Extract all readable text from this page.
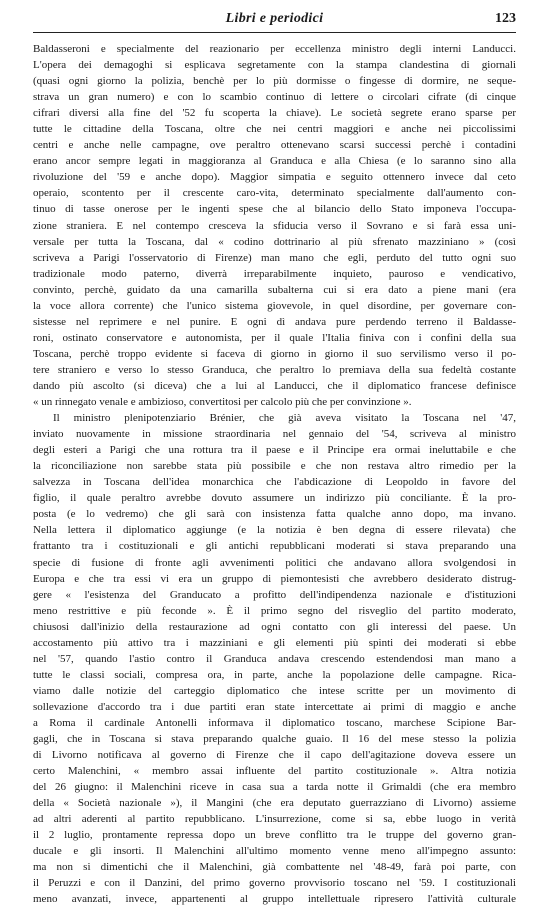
Libri e periodici	123
Baldasseroni e specialmente del reazionario per eccellenza ministro degli interni Landucci.
L'opera dei demagoghi si esplicava segretamente con la stampa clandestina di giornali
(quasi ogni giorno la polizia, benchè per lo più dormisse o fingesse di dormire, ne seque-
strava un gran numero) e con lo scambio continuo di lettere o circolari cifrate (di cinque
cifrari diversi alla fine del '52 fu scoperta la chiave). Le società segrete erano sparse per
tutte le cittadine della Toscana, oltre che nei centri maggiori e anche nei piccolissimi
centri e anche nelle campagne, ove peraltro ottenevano scarsi successi perchè i contadini
erano ancor sempre legati in maggioranza al Granduca e alla Chiesa (e lo saranno sino alla
rivoluzione del '59 e anche dopo). Maggior simpatia e seguito ottennero invece dal ceto
operaio, scontento per il crescente caro-vita, determinato specialmente dall'aumento con-
tinuo di tasse onerose per le ingenti spese che al bilancio dello Stato imponeva l'occupa-
zione straniera. E nel contempo cresceva la sfiducia verso il Sovrano e si farà essa uni-
versale per tutta la Toscana, dal « codino dottrinario al più sfrenato mazziniano » (così
scriveva a Parigi l'osservatorio di Firenze) man mano che egli, perduto del tutto ogni suo
tradizionale modo paterno, diverrà irreparabilmente inquieto, pauroso e vendicativo,
convinto, perchè, guidato da una camarilla subalterna cui si era dato a piene mani (era
la voce allora corrente) che l'unico sistema giovevole, in quel disordine, per governare con-
sistesse nel reprimere e nel punire. E ogni dì andava pure perdendo terreno il Baldasse-
roni, ostinato conservatore e autonomista, per il quale l'Italia finiva con i confini della sua
Toscana, perchè troppo evidente si faceva di giorno in giorno il suo servilismo verso il po-
tere straniero e verso lo stesso Granduca, che peraltro lo premiava della sua fedeltà costante
dando più ascolto (si diceva) che a lui al Landucci, che il diplomatico francese definisce
« un rinnegato venale e ambizioso, convertitosi per calcolo più che per convinzione ».
Il ministro plenipotenziario Brénier, che già aveva visitato la Toscana nel '47,
inviato nuovamente in missione straordinaria nel gennaio del '54, scriveva al ministro
degli esteri a Parigi che una rottura tra il paese e il Principe era ormai ineluttabile e che
la riconciliazione non sarebbe stata più possibile e che non restava altro rimedio per la
salvezza in Toscana dell'idea monarchica che l'abdicazione di Leopoldo in favore del
figlio, il quale peraltro avrebbe dovuto assumere un indirizzo più conciliante. È la pro-
posta (e lo vedremo) che gli sarà con insistenza fatta qualche anno dopo, ma invano.
Nella lettera il diplomatico aggiunge (e la notizia è ben degna di essere rilevata) che
frattanto tra i costituzionali e gli antichi repubblicani moderati si stava preparando una
specie di fusione di fronte agli avvenimenti politici che andavano allora svolgendosi in
Europa e che tra essi vi era un gruppo di piemontesisti che avrebbero desiderato distrug-
gere « l'esistenza del Granducato a profitto dell'indipendenza nazionale e d'istituzioni
meno restrittive e più feconde ». È il primo segno del risveglio del partito moderato,
chiusosi dall'inizio della restaurazione ad ogni contatto con gli interessi del paese. Un
accostamento più attivo tra i mazziniani e gli elementi più spinti dei moderati si ebbe
nel '57, quando l'astio contro il Granduca andava crescendo estendendosi man mano a
tutte le classi sociali, compresa ora, in parte, anche la popolazione delle campagne. Rica-
viamo dalle notizie del carteggio diplomatico che intese scritte per un movimento di
sollevazione d'accordo tra i due partiti eran state intercettate ai primi di maggio e anche
a Roma il cardinale Antonelli informava il diplomatico toscano, marchese Scipione Bar-
gagli, che in Toscana si stava preparando qualche guaio. Il 16 del mese stesso la polizia
di Livorno notificava al governo di Firenze che il capo dell'agitazione doveva essere un
certo Malenchini, « membro assai influente del partito costituzionale ». Altra notizia
del 26 giugno: il Malenchini riceve in casa sua a tarda notte il Grimaldi (che era membro
della « Società nazionale »), il Mangini (che era deputato guerrazziano di Livorno) assieme
ad altri aderenti al partito repubblicano. L'insurrezione, come si sa, ebbe luogo in verità
il 2 luglio, prontamente repressa dopo un breve conflitto tra le truppe del governo gran-
ducale e gli insorti. Il Malenchini all'ultimo momento venne meno all'impegno assunto:
ma non si dimentichi che il Malenchini, già combattente nel '48-49, farà poi parte, con
il Peruzzi e con il Danzini, del primo governo provvisorio toscano nel '59. I costituzionali
meno avanzati, invece, appartenenti al gruppo intellettuale ripresero l'attività culturale
